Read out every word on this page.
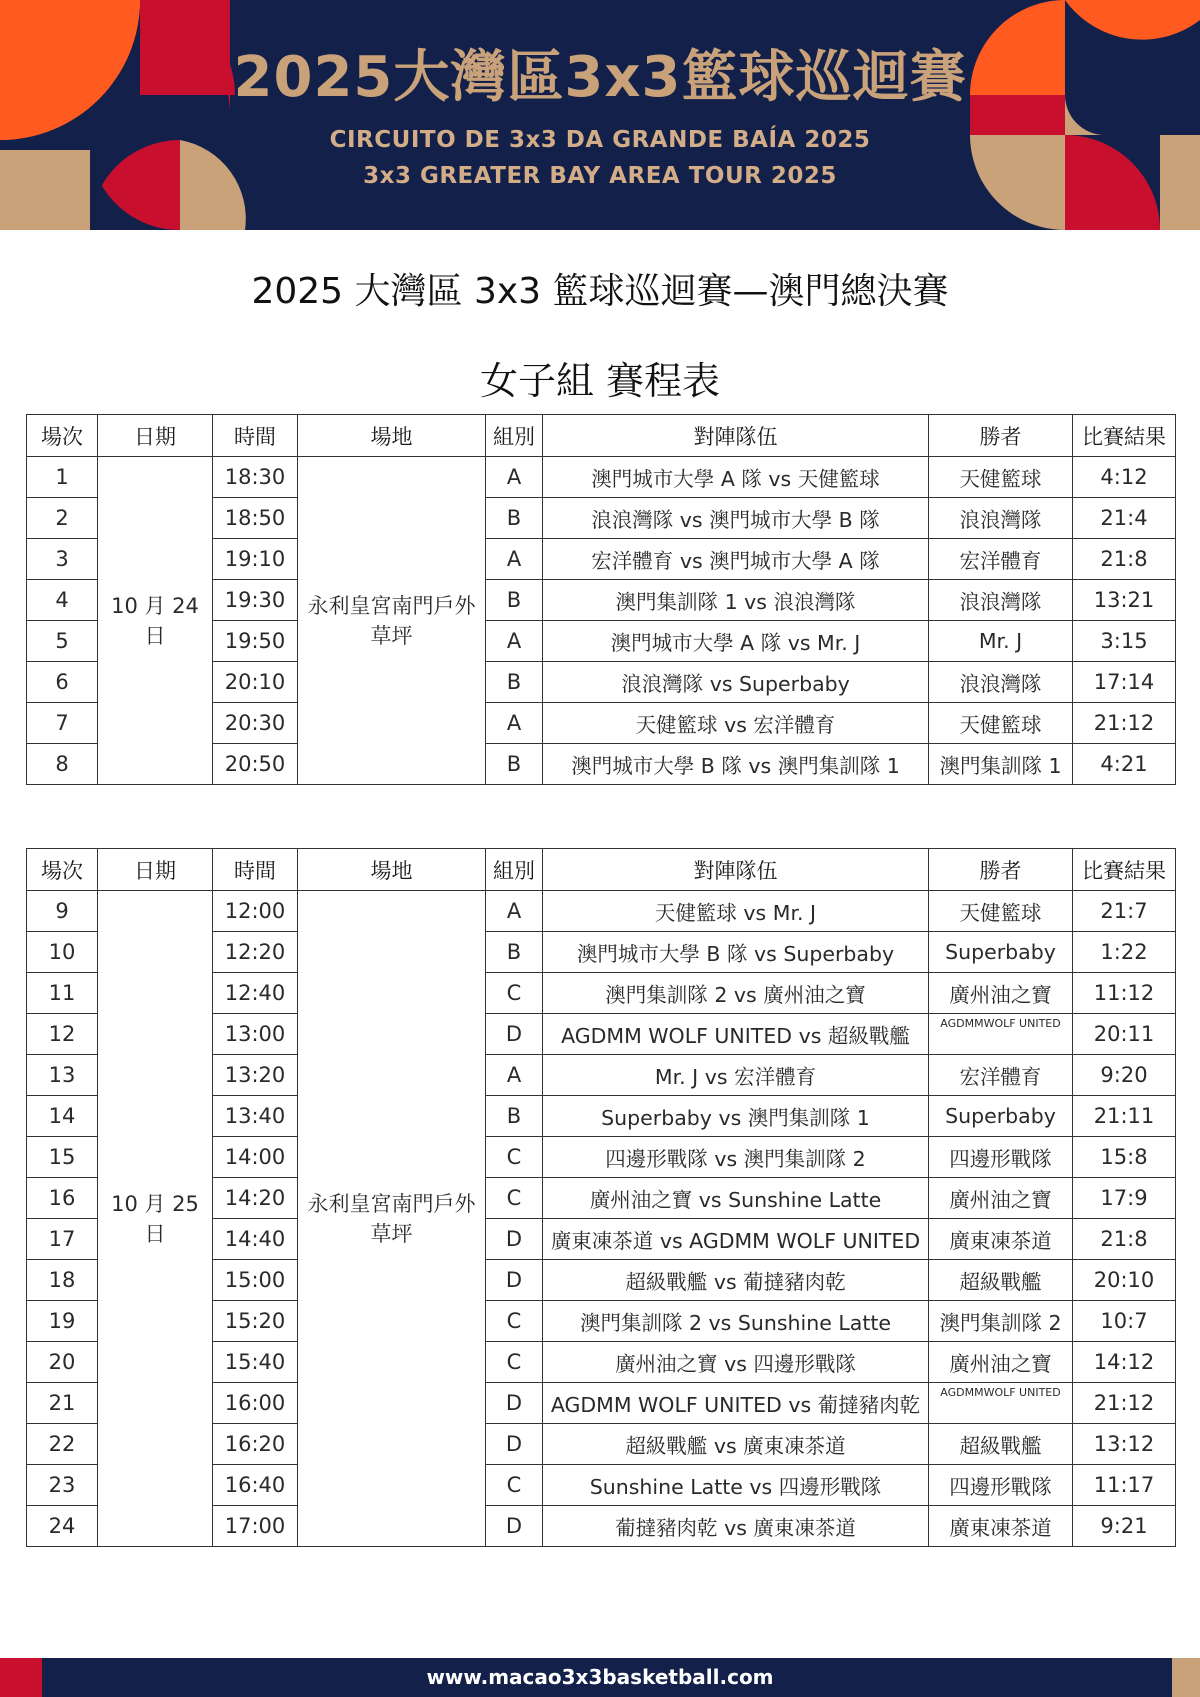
2025大灣區3x3籃球巡迴賽
CIRCUITO DE 3x3 DA GRANDE BAÍA 2025
3x3 GREATER BAY AREA TOUR 2025
2025 大灣區 3x3 籃球巡迴賽—澳門總決賽
女子組 賽程表
場次	日期	時間	場地	組別	對陣隊伍	勝者	比賽結果
1	10 月 24 日	18:30	永利皇宮南門戶外草坪	A	澳門城市大學 A 隊 vs 天健籃球	天健籃球	4:12
2		18:50		B	浪浪灣隊 vs 澳門城市大學 B 隊	浪浪灣隊	21:4
3		19:10		A	宏洋體育 vs 澳門城市大學 A 隊	宏洋體育	21:8
4		19:30		B	澳門集訓隊 1 vs 浪浪灣隊	浪浪灣隊	13:21
5		19:50		A	澳門城市大學 A 隊 vs Mr. J	Mr. J	3:15
6		20:10		B	浪浪灣隊 vs Superbaby	浪浪灣隊	17:14
7		20:30		A	天健籃球 vs 宏洋體育	天健籃球	21:12
8		20:50		B	澳門城市大學 B 隊 vs 澳門集訓隊 1	澳門集訓隊 1	4:21
場次	日期	時間	場地	組別	對陣隊伍	勝者	比賽結果
9	10 月 25 日	12:00	永利皇宮南門戶外草坪	A	天健籃球 vs Mr. J	天健籃球	21:7
10		12:20		B	澳門城市大學 B 隊 vs Superbaby	Superbaby	1:22
11		12:40		C	澳門集訓隊 2 vs 廣州油之寶	廣州油之寶	11:12
12		13:00		D	AGDMM WOLF UNITED vs 超級戰艦	AGDMMWOLF UNITED	20:11
13		13:20		A	Mr. J vs 宏洋體育	宏洋體育	9:20
14		13:40		B	Superbaby vs 澳門集訓隊 1	Superbaby	21:11
15		14:00		C	四邊形戰隊 vs 澳門集訓隊 2	四邊形戰隊	15:8
16		14:20		C	廣州油之寶 vs Sunshine Latte	廣州油之寶	17:9
17		14:40		D	廣東凍茶道 vs AGDMM WOLF UNITED	廣東凍茶道	21:8
18		15:00		D	超級戰艦 vs 葡撻豬肉乾	超級戰艦	20:10
19		15:20		C	澳門集訓隊 2 vs Sunshine Latte	澳門集訓隊 2	10:7
20		15:40		C	廣州油之寶 vs 四邊形戰隊	廣州油之寶	14:12
21		16:00		D	AGDMM WOLF UNITED vs 葡撻豬肉乾	AGDMMWOLF UNITED	21:12
22		16:20		D	超級戰艦 vs 廣東凍茶道	超級戰艦	13:12
23		16:40		C	Sunshine Latte vs 四邊形戰隊	四邊形戰隊	11:17
24		17:00		D	葡撻豬肉乾 vs 廣東凍茶道	廣東凍茶道	9:21
www.macao3x3basketball.com
